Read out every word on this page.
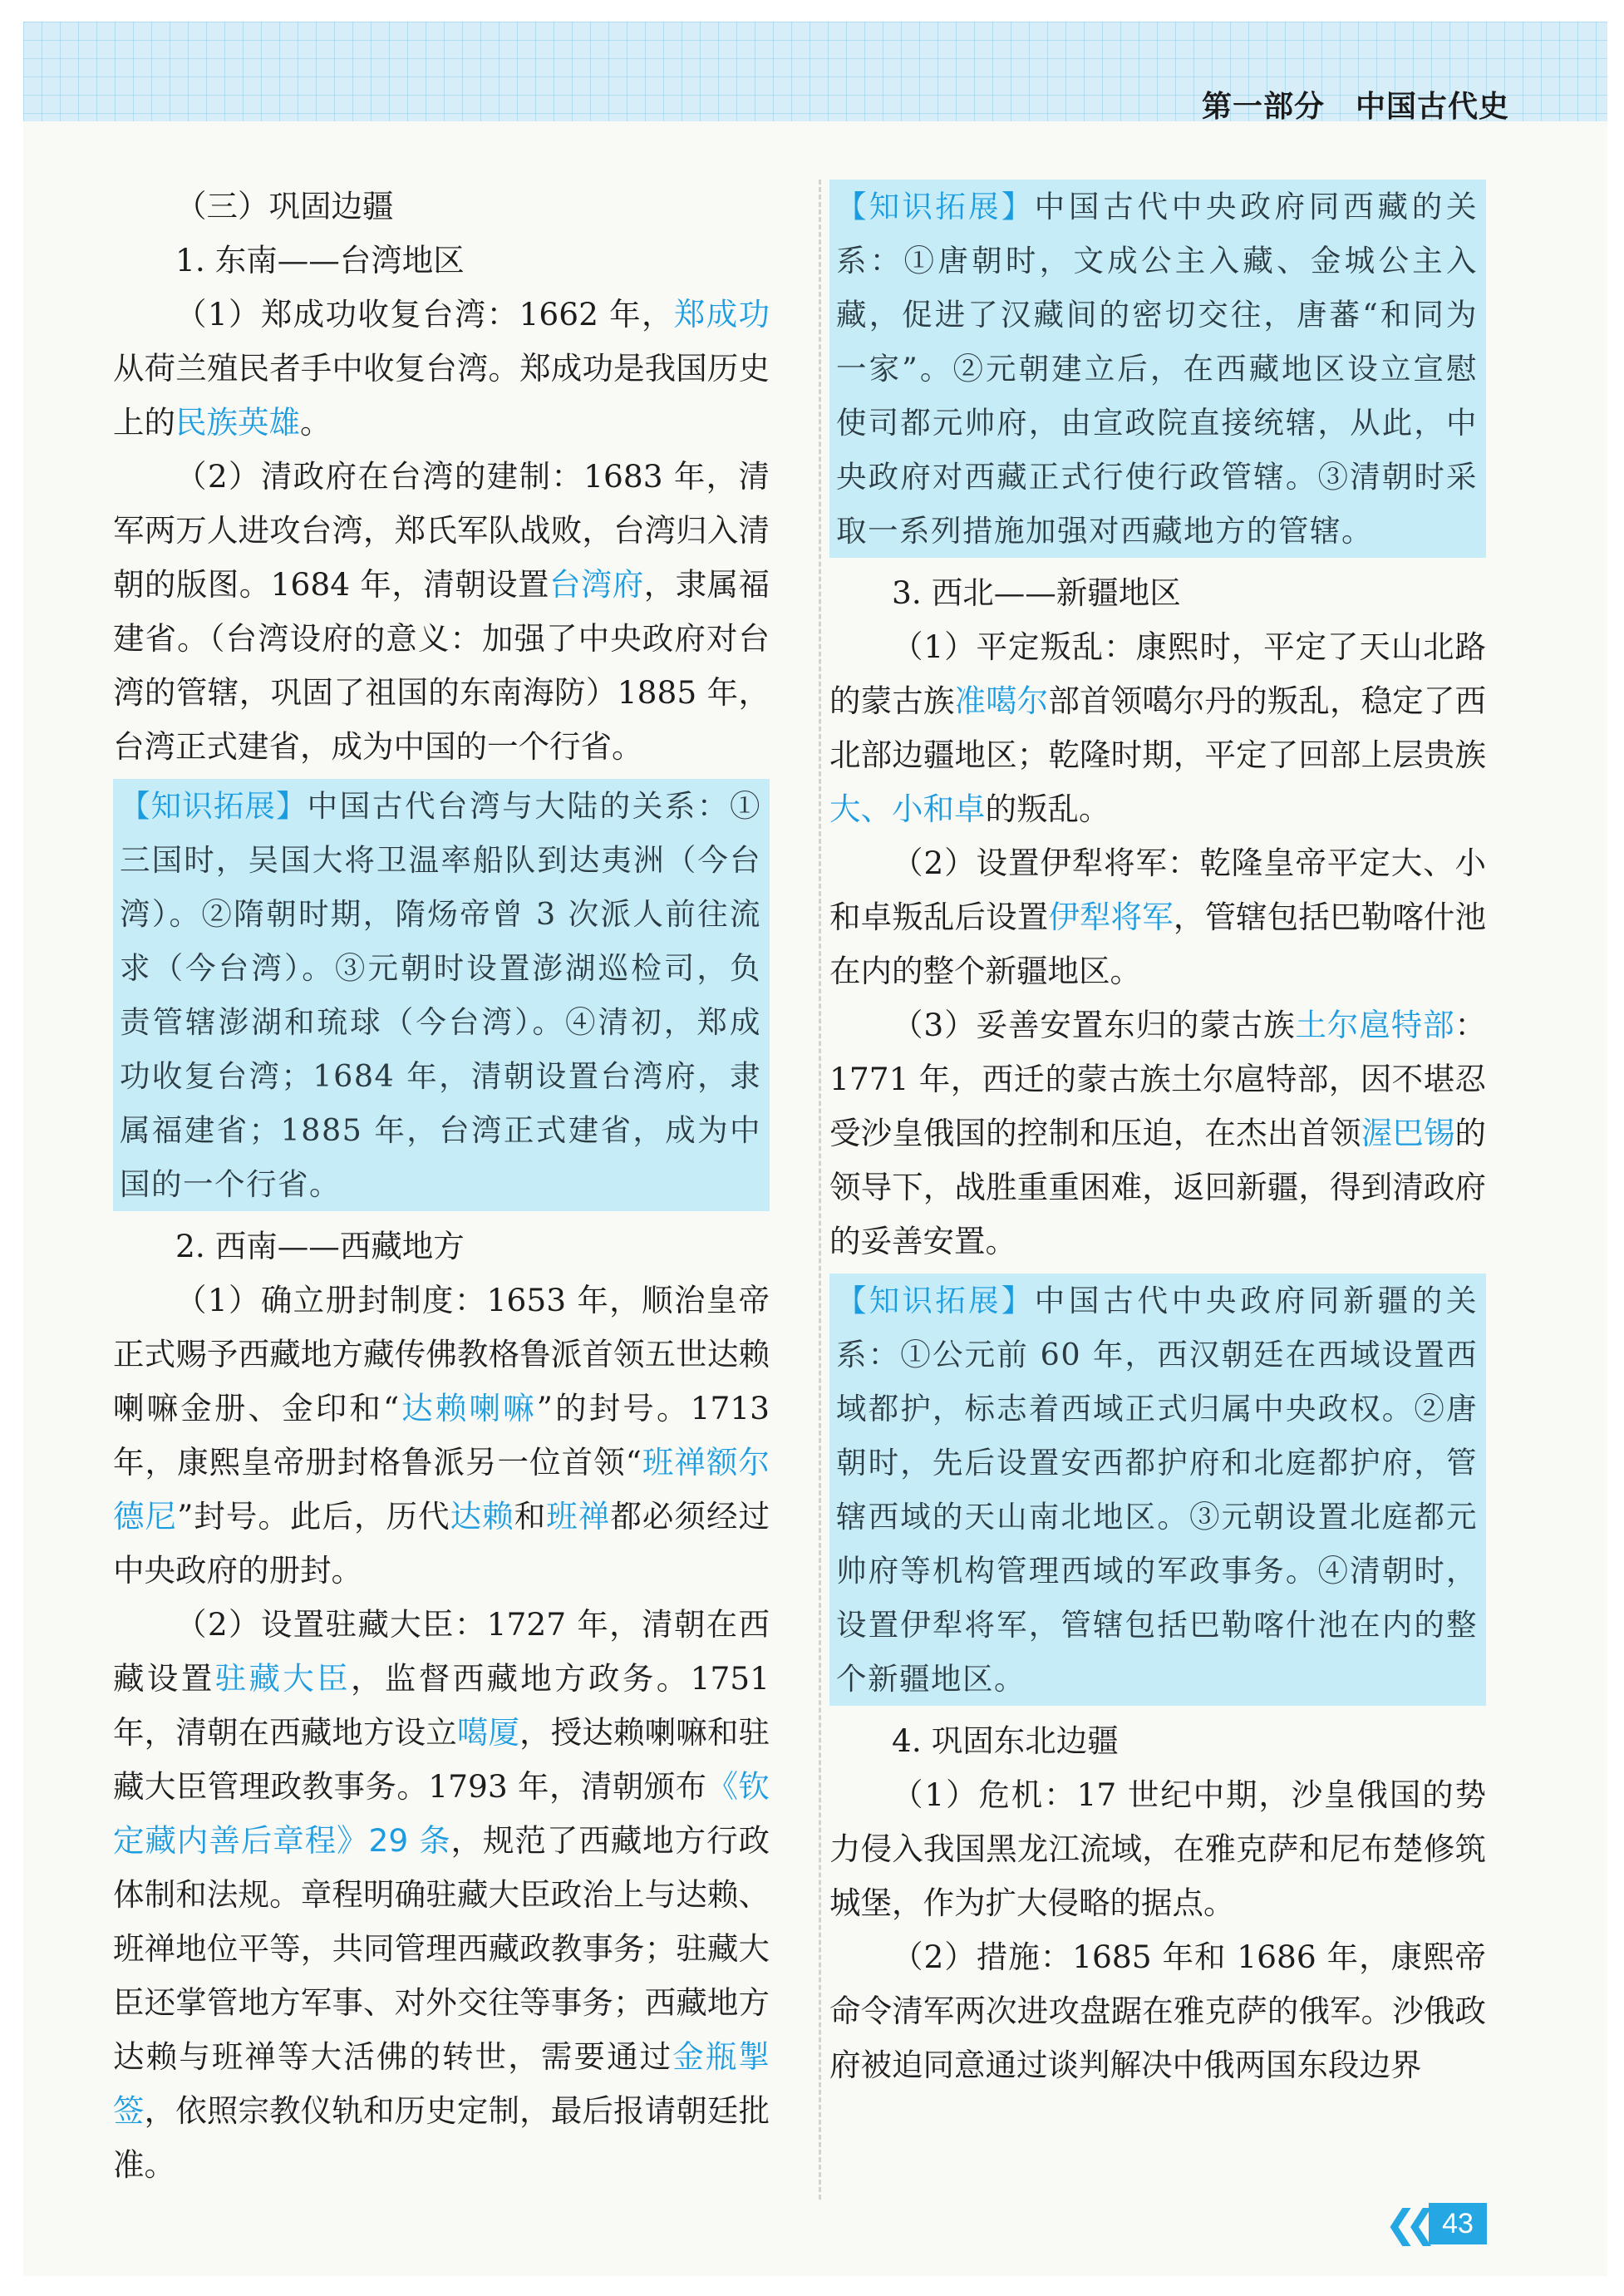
第一部分　中国古代史

（三）巩固边疆

1. 东南——台湾地区

（1）郑成功收复台湾：1662 年，郑成功从荷兰殖民者手中收复台湾。郑成功是我国历史上的民族英雄。

（2）清政府在台湾的建制：1683 年，清军两万人进攻台湾，郑氏军队战败，台湾归入清朝的版图。1684 年，清朝设置台湾府，隶属福建省。（台湾设府的意义：加强了中央政府对台湾的管辖，巩固了祖国的东南海防）1885 年，台湾正式建省，成为中国的一个行省。

【知识拓展】中国古代台湾与大陆的关系：①三国时，吴国大将卫温率船队到达夷洲（今台湾）。②隋朝时期，隋炀帝曾 3 次派人前往流求（今台湾）。③元朝时设置澎湖巡检司，负责管辖澎湖和琉球（今台湾）。④清初，郑成功收复台湾；1684 年，清朝设置台湾府，隶属福建省；1885 年，台湾正式建省，成为中国的一个行省。

2. 西南——西藏地方

（1）确立册封制度：1653 年，顺治皇帝正式赐予西藏地方藏传佛教格鲁派首领五世达赖喇嘛金册、金印和“达赖喇嘛”的封号。1713 年，康熙皇帝册封格鲁派另一位首领“班禅额尔德尼”封号。此后，历代达赖和班禅都必须经过中央政府的册封。

（2）设置驻藏大臣：1727 年，清朝在西藏设置驻藏大臣，监督西藏地方政务。1751 年，清朝在西藏地方设立噶厦，授达赖喇嘛和驻藏大臣管理政教事务。1793 年，清朝颁布《钦定藏内善后章程》29 条，规范了西藏地方行政体制和法规。章程明确驻藏大臣政治上与达赖、班禅地位平等，共同管理西藏政教事务；驻藏大臣还掌管地方军事、对外交往等事务；西藏地方达赖与班禅等大活佛的转世，需要通过金瓶掣签，依照宗教仪轨和历史定制，最后报请朝廷批准。

【知识拓展】中国古代中央政府同西藏的关系：①唐朝时，文成公主入藏、金城公主入藏，促进了汉藏间的密切交往，唐蕃“和同为一家”。②元朝建立后，在西藏地区设立宣慰使司都元帅府，由宣政院直接统辖，从此，中央政府对西藏正式行使行政管辖。③清朝时采取一系列措施加强对西藏地方的管辖。

3. 西北——新疆地区

（1）平定叛乱：康熙时，平定了天山北路的蒙古族准噶尔部首领噶尔丹的叛乱，稳定了西北部边疆地区；乾隆时期，平定了回部上层贵族大、小和卓的叛乱。

（2）设置伊犁将军：乾隆皇帝平定大、小和卓叛乱后设置伊犁将军，管辖包括巴勒喀什池在内的整个新疆地区。

（3）妥善安置东归的蒙古族土尔扈特部：1771 年，西迁的蒙古族土尔扈特部，因不堪忍受沙皇俄国的控制和压迫，在杰出首领渥巴锡的领导下，战胜重重困难，返回新疆，得到清政府的妥善安置。

【知识拓展】中国古代中央政府同新疆的关系：①公元前 60 年，西汉朝廷在西域设置西域都护，标志着西域正式归属中央政权。②唐朝时，先后设置安西都护府和北庭都护府，管辖西域的天山南北地区。③元朝设置北庭都元帅府等机构管理西域的军政事务。④清朝时，设置伊犁将军，管辖包括巴勒喀什池在内的整个新疆地区。

4. 巩固东北边疆

（1）危机：17 世纪中期，沙皇俄国的势力侵入我国黑龙江流域，在雅克萨和尼布楚修筑城堡，作为扩大侵略的据点。

（2）措施：1685 年和 1686 年，康熙帝命令清军两次进攻盘踞在雅克萨的俄军。沙俄政府被迫同意通过谈判解决中俄两国东段边界

❮❮ 43
